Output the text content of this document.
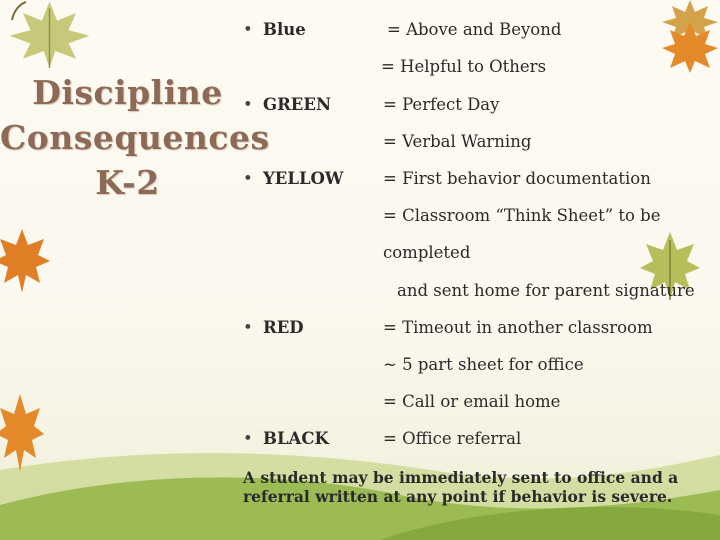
Discipline
Consequences
K-2
• Blue	= Above and Beyond
= Helpful to Others
• GREEN	= Perfect Day
= Verbal Warning
• YELLOW = First behavior documentation
= Classroom “Think Sheet” to be
completed
and sent home for parent signature
• RED	= Timeout in another classroom
~ 5 part sheet for office
= Call or email home
• BLACK	= Office referral
A student may be immediately sent to office and a referral written at any point if behavior is severe.
